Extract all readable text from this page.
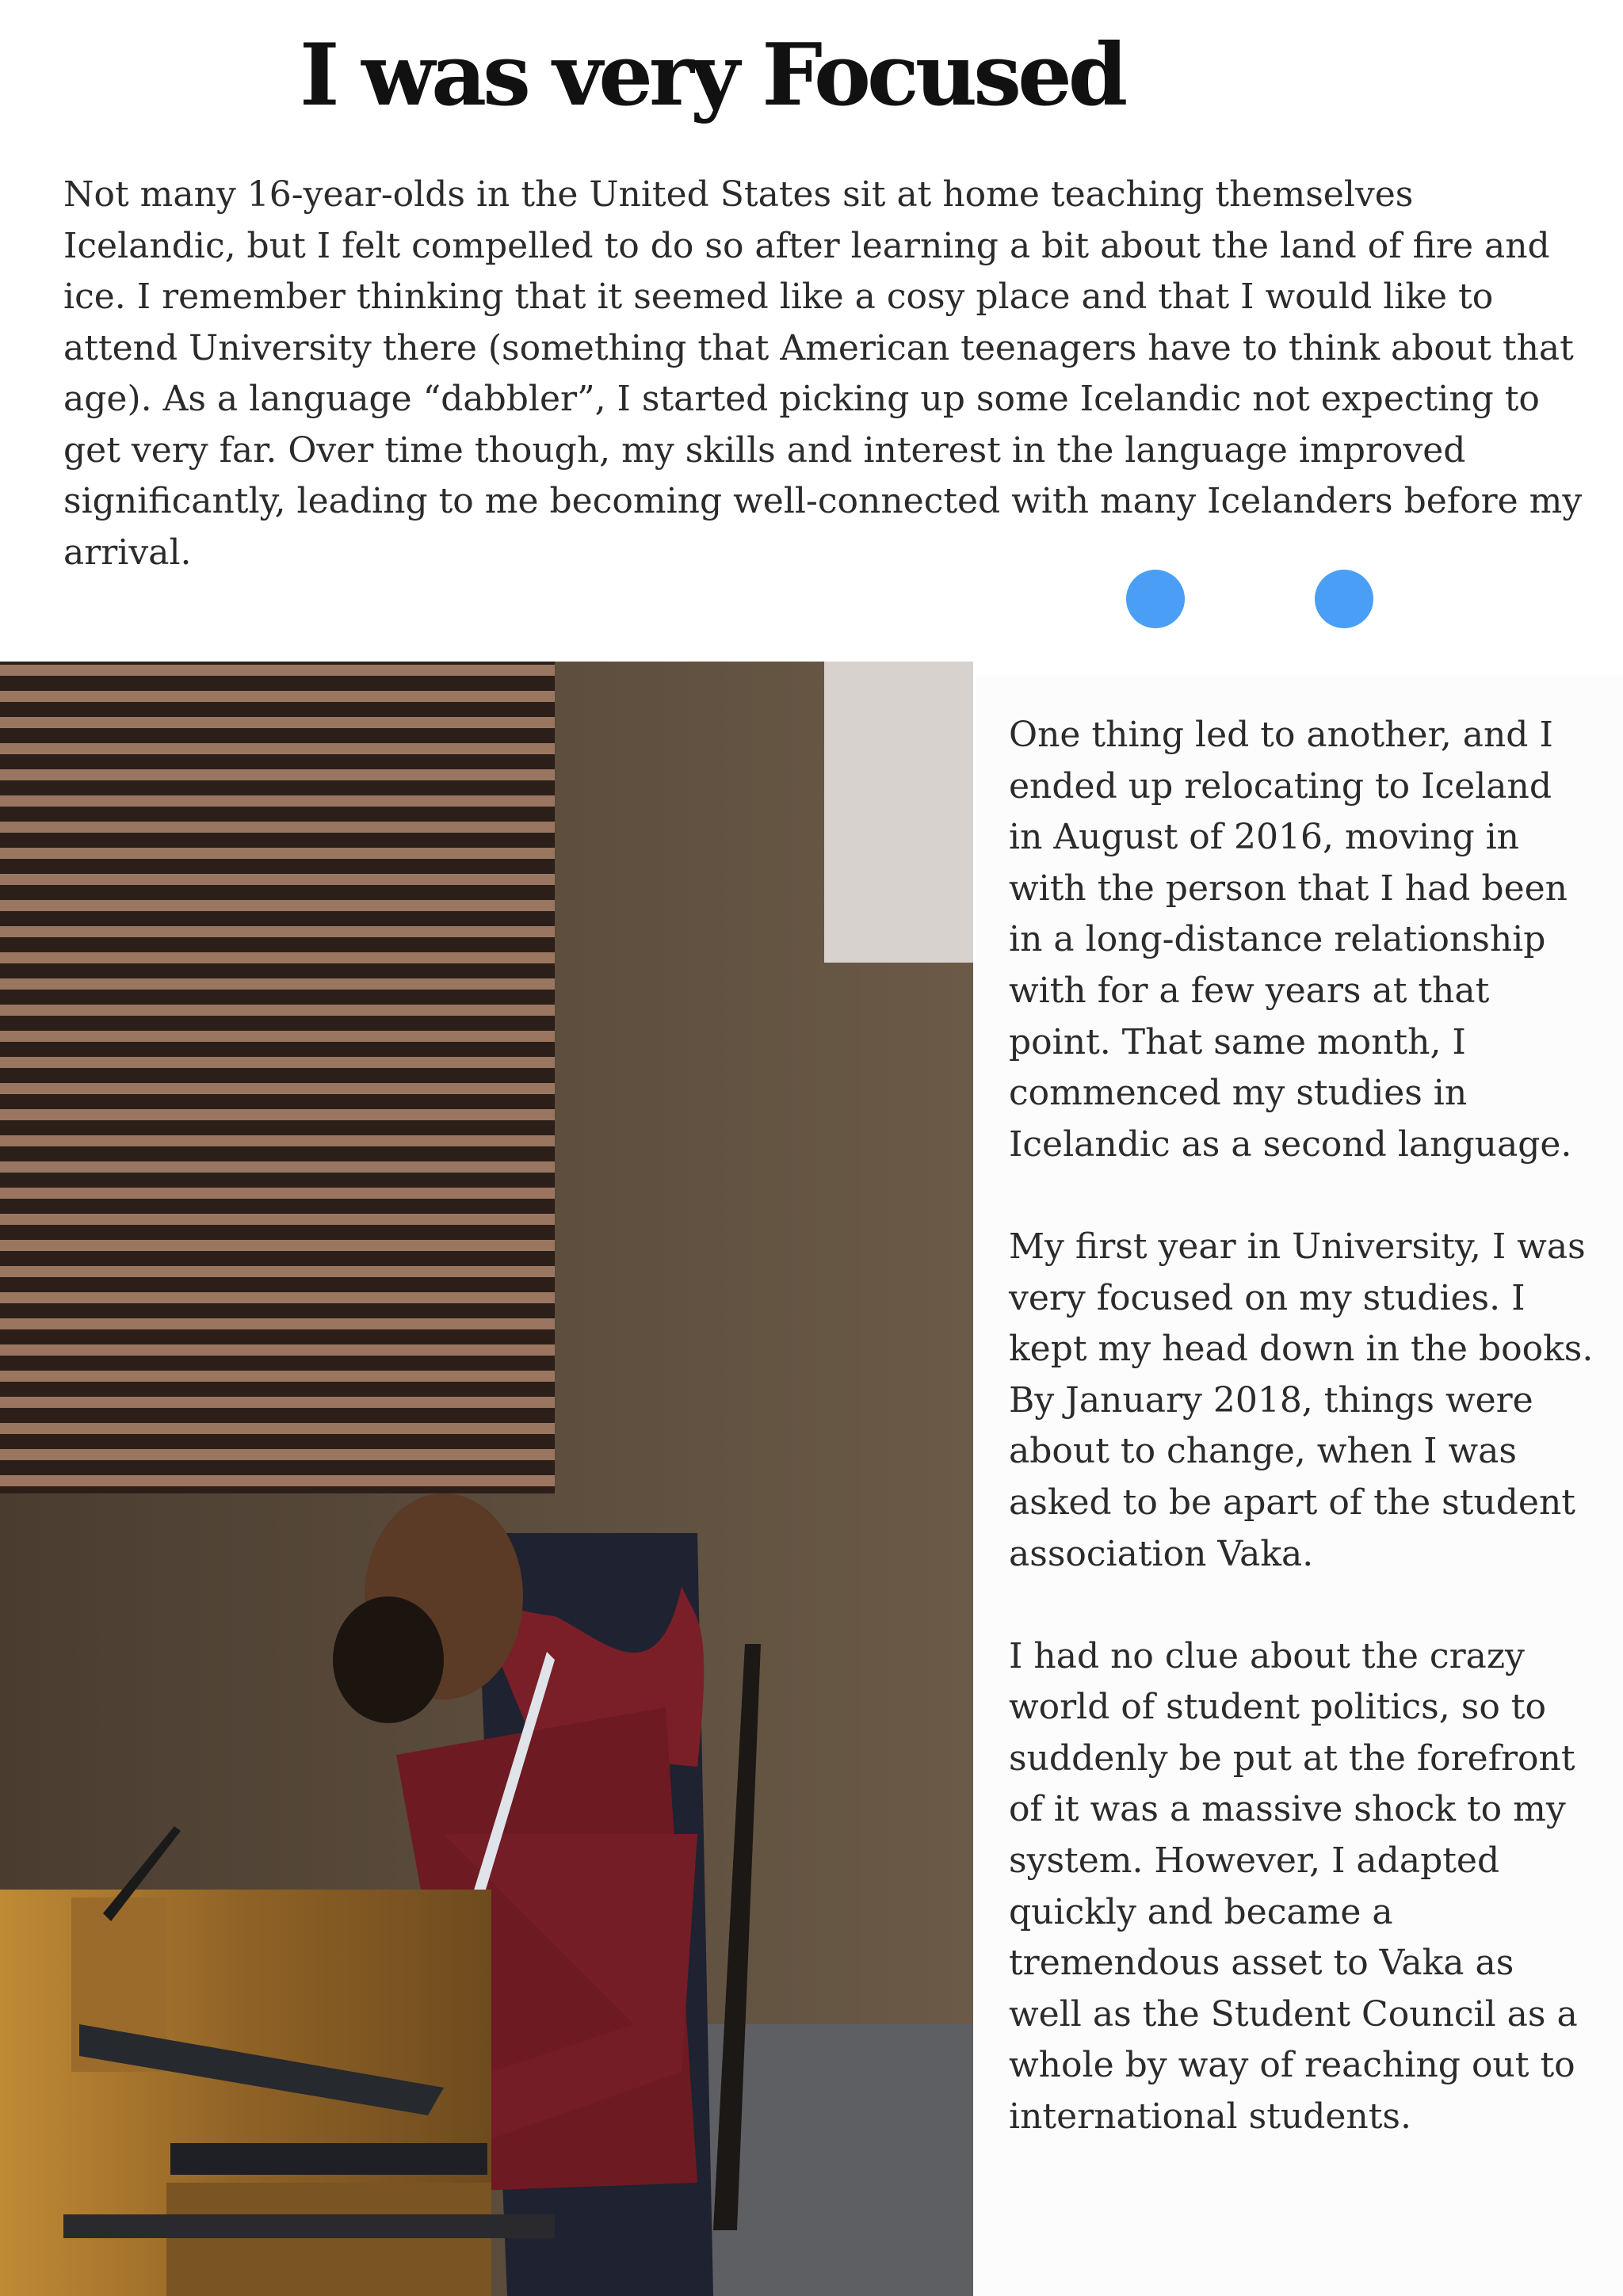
I was very Focused

Not many 16-year-olds in the United States sit at home teaching themselves Icelandic, but I felt compelled to do so after learning a bit about the land of fire and ice. I remember thinking that it seemed like a cosy place and that I would like to attend University there (something that American teenagers have to think about that age). As a language “dabbler”, I started picking up some Icelandic not expecting to get very far. Over time though, my skills and interest in the language improved significantly, leading to me becoming well-connected with many Icelanders before my arrival.

One thing led to another, and I ended up relocating to Iceland in August of 2016, moving in with the person that I had been in a long-distance relationship with for a few years at that point. That same month, I commenced my studies in Icelandic as a second language.

My first year in University, I was very focused on my studies. I kept my head down in the books. By January 2018, things were about to change, when I was asked to be apart of the student association Vaka.

I had no clue about the crazy world of student politics, so to suddenly be put at the forefront of it was a massive shock to my system. However, I adapted quickly and became a tremendous asset to Vaka as well as the Student Council as a whole by way of reaching out to international students.
